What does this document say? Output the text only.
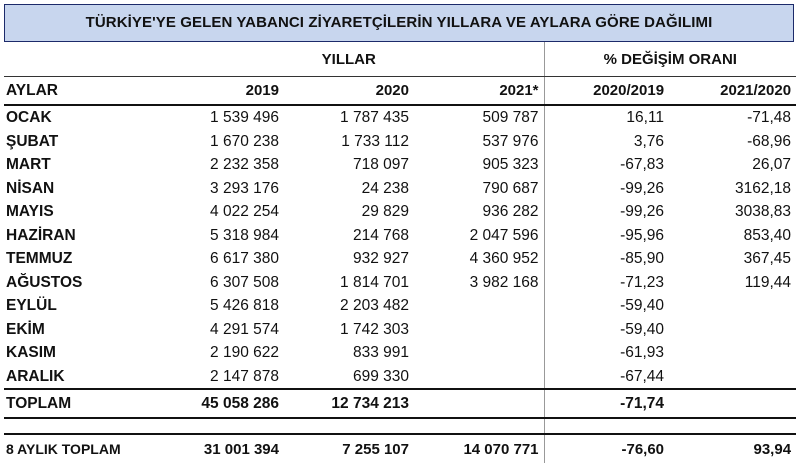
TÜRKİYE'YE GELEN YABANCI ZİYARETÇİLERİN YILLARA VE AYLARA GÖRE DAĞILIMI
	YILLAR			% DEĞİŞİM ORANI	
AYLAR	2019	2020	2021*	2020/2019	2021/2020
OCAK	1 539 496	1 787 435	509 787	16,11	-71,48
ŞUBAT	1 670 238	1 733 112	537 976	3,76	-68,96
MART	2 232 358	718 097	905 323	-67,83	26,07
NİSAN	3 293 176	24 238	790 687	-99,26	3162,18
MAYIS	4 022 254	29 829	936 282	-99,26	3038,83
HAZİRAN	5 318 984	214 768	2 047 596	-95,96	853,40
TEMMUZ	6 617 380	932 927	4 360 952	-85,90	367,45
AĞUSTOS	6 307 508	1 814 701	3 982 168	-71,23	119,44
EYLÜL	5 426 818	2 203 482		-59,40	
EKİM	4 291 574	1 742 303		-59,40	
KASIM	2 190 622	833 991		-61,93	
ARALIK	2 147 878	699 330		-67,44	
TOPLAM	45 058 286	12 734 213		-71,74	

8 AYLIK TOPLAM	31 001 394	7 255 107	14 070 771	-76,60	93,94
